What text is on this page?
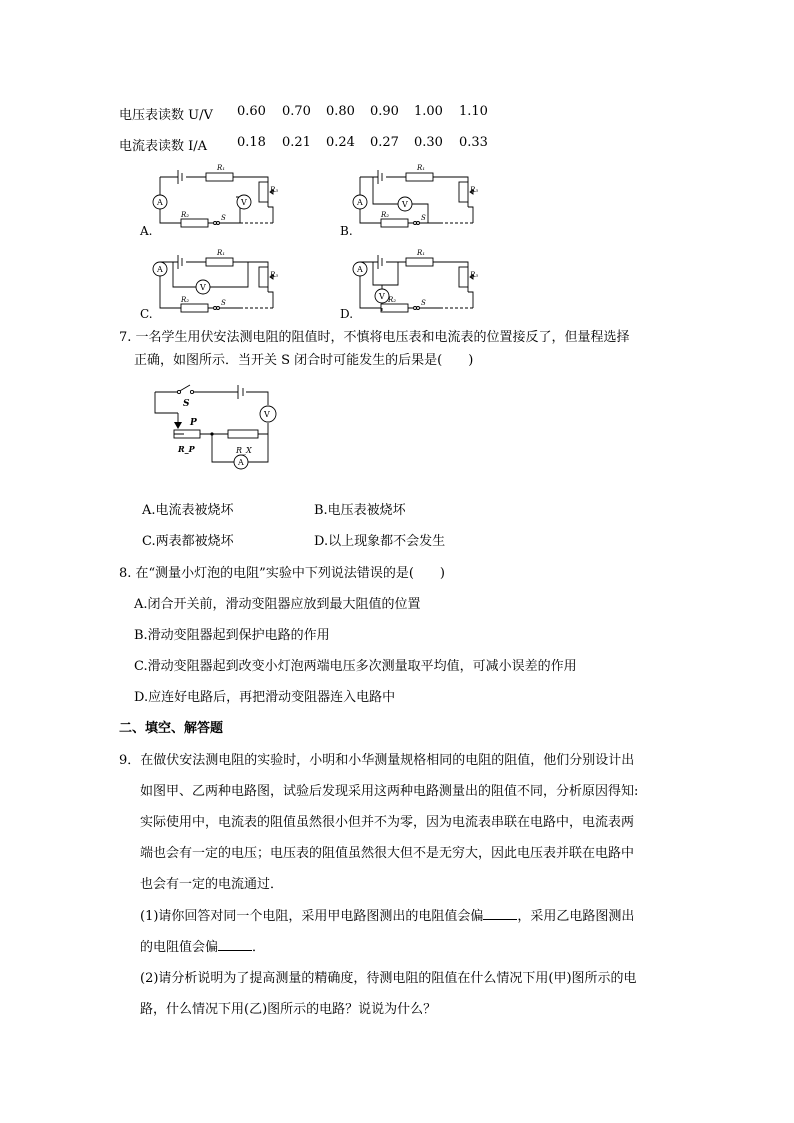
电压表读数 U/V 0.60 0.70 0.80 0.90 1.00 1.10
电流表读数 I/A 0.18 0.21 0.24 0.27 0.30 0.33
A	V
R₁
R₃
R₂	S
A.
A	V
R₁
R₃
R₂	S
B.
A
V
R₁
R₃
R₂	S
C.
A
V
R₁
R₃
R₂	S
D.
7. 一名学生用伏安法测电阻的阻值时，不慎将电压表和电流表的位置接反了，但量程选择
正确，如图所示．当开关 S 闭合时可能发生的后果是(　　)
V
A
S
P
R_P	R_X
A.电流表被烧坏	B.电压表被烧坏
C.两表都被烧坏	D.以上现象都不会发生
8. 在“测量小灯泡的电阻”实验中下列说法错误的是(　　)
A.闭合开关前，滑动变阻器应放到最大阻值的位置
B.滑动变阻器起到保护电路的作用
C.滑动变阻器起到改变小灯泡两端电压多次测量取平均值，可减小误差的作用
D.应连好电路后，再把滑动变阻器连入电路中
二、填空、解答题
9．在做伏安法测电阻的实验时，小明和小华测量规格相同的电阻的阻值，他们分别设计出
如图甲、乙两种电路图，试验后发现采用这两种电路测量出的阻值不同，分析原因得知:
实际使用中，电流表的阻值虽然很小但并不为零，因为电流表串联在电路中，电流表两
端也会有一定的电压；电压表的阻值虽然很大但不是无穷大，因此电压表并联在电路中
也会有一定的电流通过．
(1)请你回答对同一个电阻，采用甲电路图测出的电阻值会偏	，采用乙电路图测出
的电阻值会偏	．
(2)请分析说明为了提高测量的精确度，待测电阻的阻值在什么情况下用(甲)图所示的电
路，什么情况下用(乙)图所示的电路？说说为什么？
